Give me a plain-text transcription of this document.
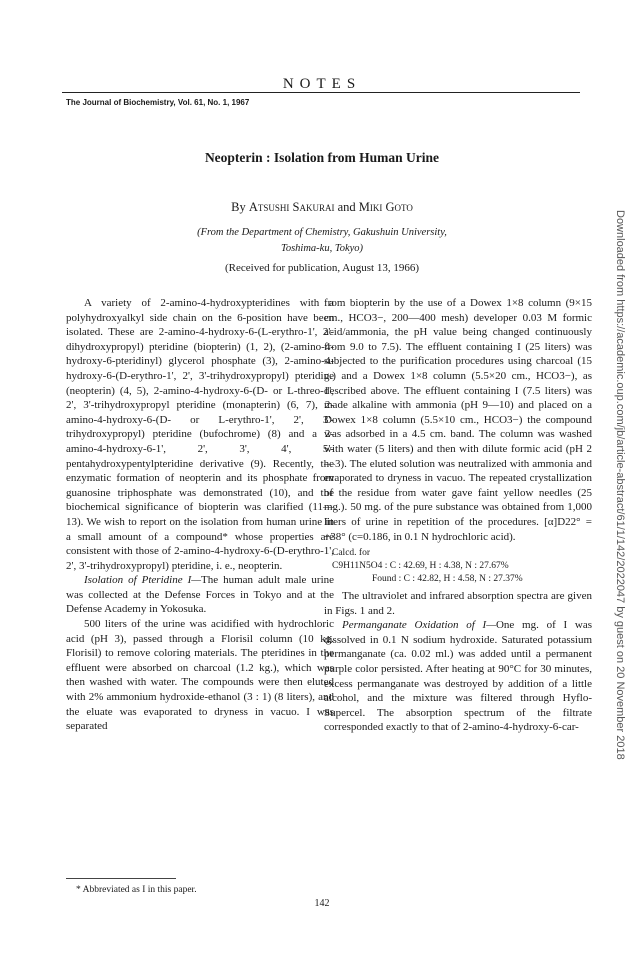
NOTES
The Journal of Biochemistry, Vol. 61, No. 1, 1967
Neopterin : Isolation from Human Urine
By Atsushi Sakurai and Miki Goto
(From the Department of Chemistry, Gakushuin University,
Toshima-ku, Tokyo)
(Received for publication, August 13, 1966)

A variety of 2-amino-4-hydroxypteridines with a polyhydroxyalkyl side chain on the 6-position have been isolated. These are 2-amino-4-hydroxy-6-(L-erythro-1', 2'-dihydroxypropyl) pteridine (biopterin) (1, 2), (2-amino-4-hydroxy-6-pteridinyl) glycerol phosphate (3), 2-amino-4-hydroxy-6-(D-erythro-1', 2', 3'-trihydroxypropyl) pteridine (neopterin) (4, 5), 2-amino-4-hydroxy-6-(D- or L-threo-1', 2', 3'-trihydroxypropyl pteridine (monapterin) (6, 7), 2-amino-4-hydroxy-6-(D- or L-erythro-1', 2', 3'-trihydroxypropyl) pteridine (bufochrome) (8) and a 2-amino-4-hydroxy-6-1', 2', 3', 4', 5'-pentahydroxypentylpteridine derivative (9). Recently, the enzymatic formation of neopterin and its phosphate from guanosine triphosphate was demonstrated (10), and the biochemical significance of biopterin was clarified (11—13). We wish to report on the isolation from human urine in a small amount of a compound* whose properties are consistent with those of 2-amino-4-hydroxy-6-(D-erythro-1', 2', 3'-trihydroxypropyl) pteridine, i. e., neopterin.

Isolation of Pteridine I—The human adult male urine was collected at the Defense Forces in Tokyo and at the Defense Academy in Yokosuka.

500 liters of the urine was acidified with hydrochloric acid (pH 3), passed through a Florisil column (10 kg. Florisil) to remove coloring materials. The pteridines in the effluent were absorbed on charcoal (1.2 kg.), which was then washed with water. The compounds were then eluted with 2% ammonium hydroxide-ethanol (3 : 1) (8 liters), and the eluate was evaporated to dryness in vacuo. I was separated

from biopterin by the use of a Dowex 1×8 column (9×15 cm., HCO3−, 200—400 mesh) developer 0.03 M formic acid/ammonia, the pH value being changed continuously from 9.0 to 7.5). The effluent containing I (25 liters) was subjected to the purification procedures using charcoal (15 g.) and a Dowex 1×8 column (5.5×20 cm., HCO3−), as described above. The effluent containing I (7.5 liters) was made alkaline with ammonia (pH 9—10) and placed on a Dowex 1×8 column (5.5×10 cm., HCO3−) the compound was adsorbed in a 4.5 cm. band. The column was washed with water (5 liters) and then with dilute formic acid (pH 2—3). The eluted solution was neutralized with ammonia and evaporated to dryness in vacuo. The repeated crystallization of the residue from water gave faint yellow needles (25 mg.). 50 mg. of the pure substance was obtained from 1,000 liters of urine in repetition of the procedures. [α]D22° = +38° (c=0.186, in 0.1 N hydrochloric acid).

Calcd. for
C9H11N5O4 : C : 42.69, H : 4.38, N : 27.67%
Found : C : 42.82, H : 4.58, N : 27.37%

The ultraviolet and infrared absorption spectra are given in Figs. 1 and 2.

Permanganate Oxidation of I—One mg. of I was dissolved in 0.1 N sodium hydroxide. Saturated potassium permanganate (ca. 0.02 ml.) was added until a permanent purple color persisted. After heating at 90°C for 30 minutes, excess permanganate was destroyed by addition of a little alcohol, and the mixture was filtered through Hyflo-Supercel. The absorption spectrum of the filtrate corresponded exactly to that of 2-amino-4-hydroxy-6-car-

* Abbreviated as I in this paper.
142
Downloaded from https://academic.oup.com/jb/article-abstract/61/1/142/2022047 by guest on 20 November 2018
